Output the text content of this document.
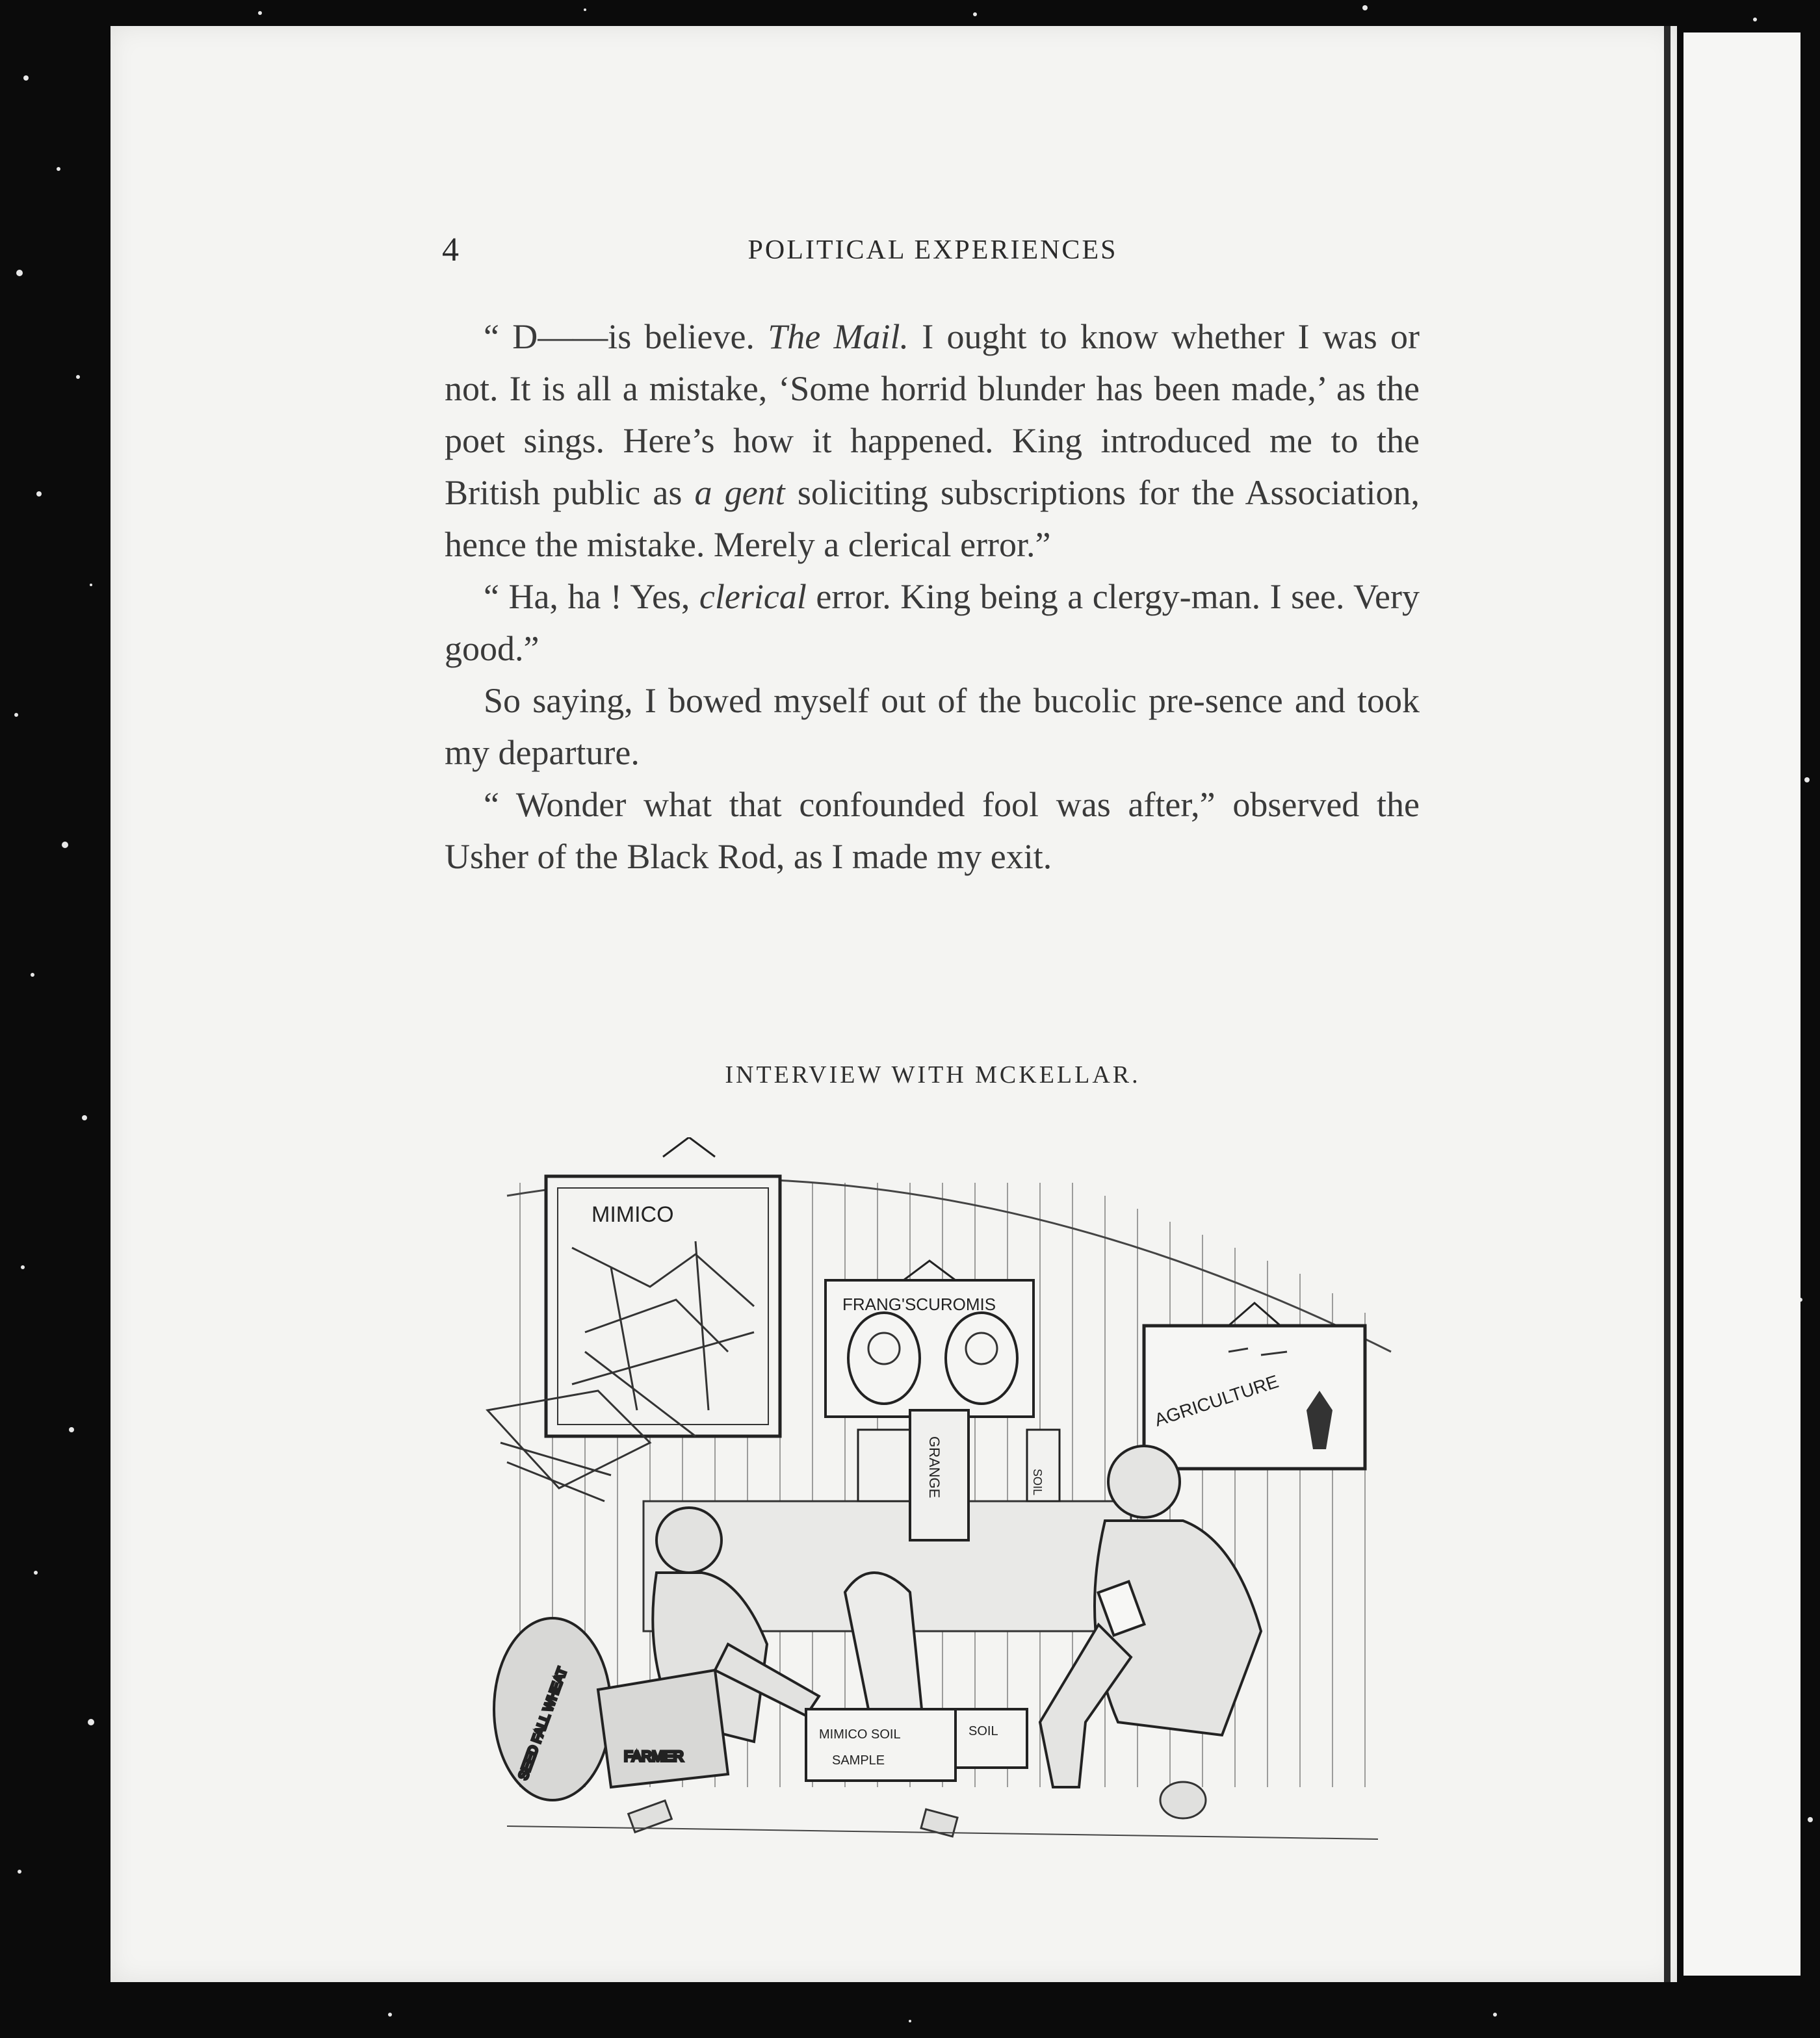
4	POLITICAL EXPERIENCES

“ D——is believe. The Mail. I ought to know whether I was or not. It is all a mistake, ‘Some horrid blunder has been made,’ as the poet sings. Here’s how it happened. King introduced me to the British public as a gent soliciting subscriptions for the Association, hence the mistake. Merely a clerical error.”

“ Ha, ha ! Yes, clerical error. King being a clergy-man. I see. Very good.”

So saying, I bowed myself out of the bucolic pre-sence and took my departure.

“ Wonder what that confounded fool was after,” observed the Usher of the Black Rod, as I made my exit.

INTERVIEW WITH MCKELLAR.
MIMICO
FRANG'SCUROMIS
AGRICULTURE
SOIL
GRANGE
SEED FALL WHEAT	FARMER
MIMICO SOIL
SAMPLE
SOIL
